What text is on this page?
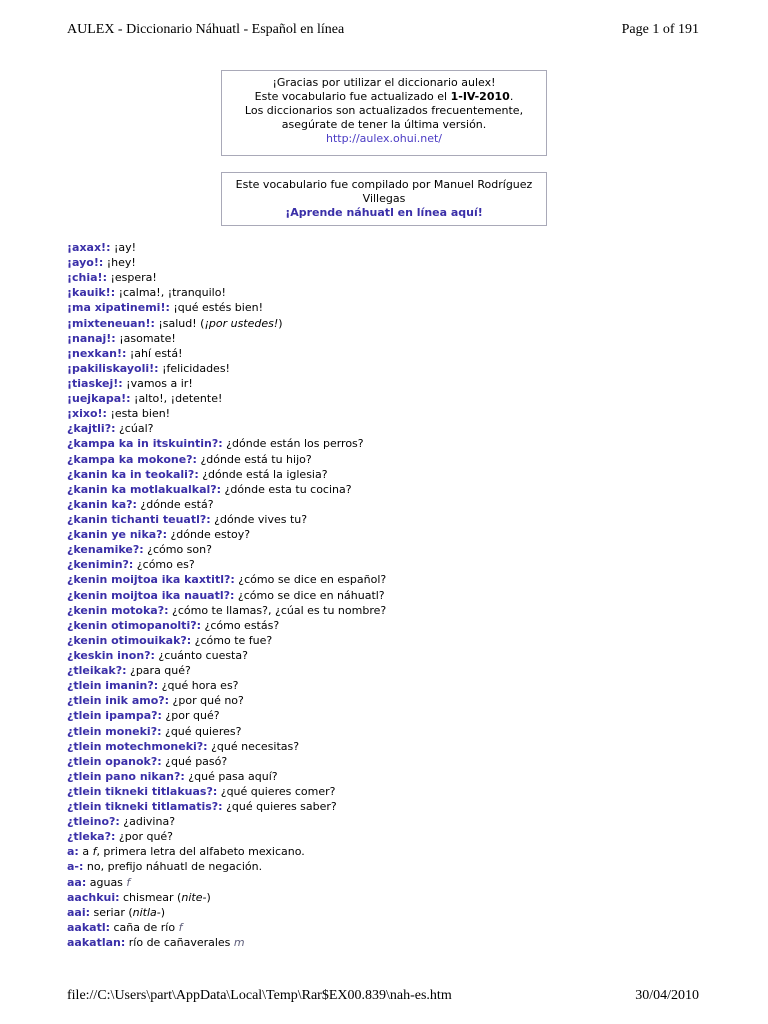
AULEX - Diccionario Náhuatl - Español en línea	Page 1 of 191
¡Gracias por utilizar el diccionario aulex!
Este vocabulario fue actualizado el 1-IV-2010.
Los diccionarios son actualizados frecuentemente,
asegúrate de tener la última versión.
http://aulex.ohui.net/
Este vocabulario fue compilado por Manuel Rodríguez
Villegas
¡Aprende náhuatl en línea aquí!
¡axax!: ¡ay!
¡ayo!: ¡hey!
¡chia!: ¡espera!
¡kauik!: ¡calma!, ¡tranquilo!
¡ma xipatinemi!: ¡qué estés bien!
¡mixteneuan!: ¡salud! (¡por ustedes!)
¡nanaj!: ¡asomate!
¡nexkan!: ¡ahí está!
¡pakiliskayoli!: ¡felicidades!
¡tiaskej!: ¡vamos a ir!
¡uejkapa!: ¡alto!, ¡detente!
¡xixo!: ¡esta bien!
¿kajtli?: ¿cúal?
¿kampa ka in itskuintin?: ¿dónde están los perros?
¿kampa ka mokone?: ¿dónde está tu hijo?
¿kanin ka in teokali?: ¿dónde está la iglesia?
¿kanin ka motlakualkal?: ¿dónde esta tu cocina?
¿kanin ka?: ¿dónde está?
¿kanin tichanti teuatl?: ¿dónde vives tu?
¿kanin ye nika?: ¿dónde estoy?
¿kenamike?: ¿cómo son?
¿kenimin?: ¿cómo es?
¿kenin moijtoa ika kaxtitl?: ¿cómo se dice en español?
¿kenin moijtoa ika nauatl?: ¿cómo se dice en náhuatl?
¿kenin motoka?: ¿cómo te llamas?, ¿cúal es tu nombre?
¿kenin otimopanolti?: ¿cómo estás?
¿kenin otimouikak?: ¿cómo te fue?
¿keskin inon?: ¿cuánto cuesta?
¿tleikak?: ¿para qué?
¿tlein imanin?: ¿qué hora es?
¿tlein inik amo?: ¿por qué no?
¿tlein ipampa?: ¿por qué?
¿tlein moneki?: ¿qué quieres?
¿tlein motechmoneki?: ¿qué necesitas?
¿tlein opanok?: ¿qué pasó?
¿tlein pano nikan?: ¿qué pasa aquí?
¿tlein tikneki titlakuas?: ¿qué quieres comer?
¿tlein tikneki titlamatis?: ¿qué quieres saber?
¿tleino?: ¿adivina?
¿tleka?: ¿por qué?
a: a f, primera letra del alfabeto mexicano.
a-: no, prefijo náhuatl de negación.
aa: aguas f
aachkui: chismear (nite-)
aai: seriar (nitla-)
aakatl: caña de río f
aakatlan: río de cañaverales m
file://C:\Users\part\AppData\Local\Temp\Rar$EX00.839\nah-es.htm	30/04/2010
